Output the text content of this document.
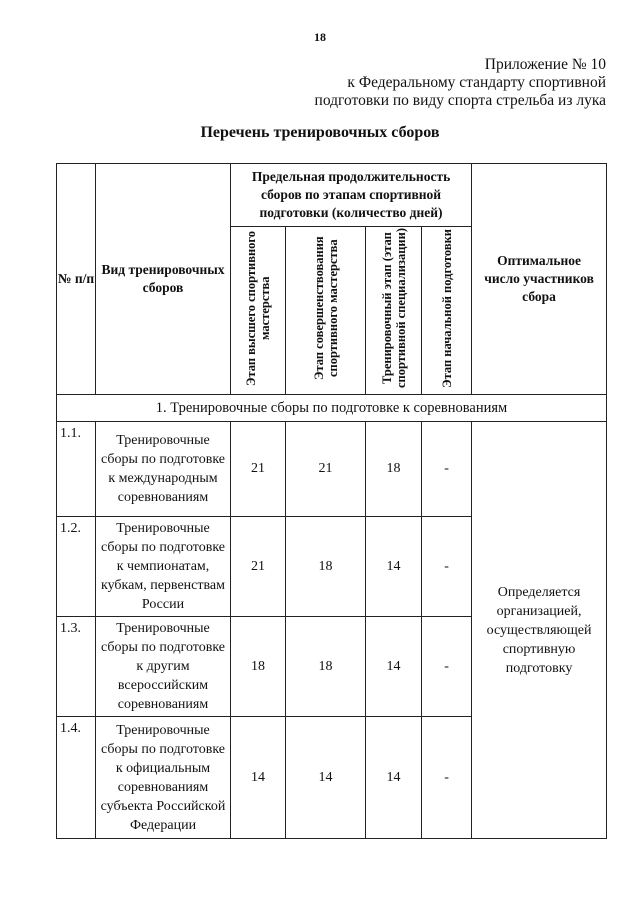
18
Приложение № 10
к Федеральному стандарту спортивной
подготовки по виду спорта стрельба из лука
Перечень тренировочных сборов
№ п/п	Вид тренировочных сборов	Предельная продолжительность сборов по этапам спортивной подготовки (количество дней)				Оптимальное число участников сбора
		Этап высшего спортивного мастерства	Этап совершенствования спортивного мастерства	Тренировочный этап (этап спортивной специализации)	Этап начальной подготовки	
1. Тренировочные сборы по подготовке к соревнованиям						
1.1.	Тренировочные сборы по подготовке к международным соревнованиям	21	21	18	-	Определяется организацией, осуществляющей спортивную подготовку
1.2.	Тренировочные сборы по подготовке к чемпионатам, кубкам, первенствам России	21	18	14	-	
1.3.	Тренировочные сборы по подготовке к другим всероссийским соревнованиям	18	18	14	-	
1.4.	Тренировочные сборы по подготовке к официальным соревнованиям субъекта Российской Федерации	14	14	14	-	
